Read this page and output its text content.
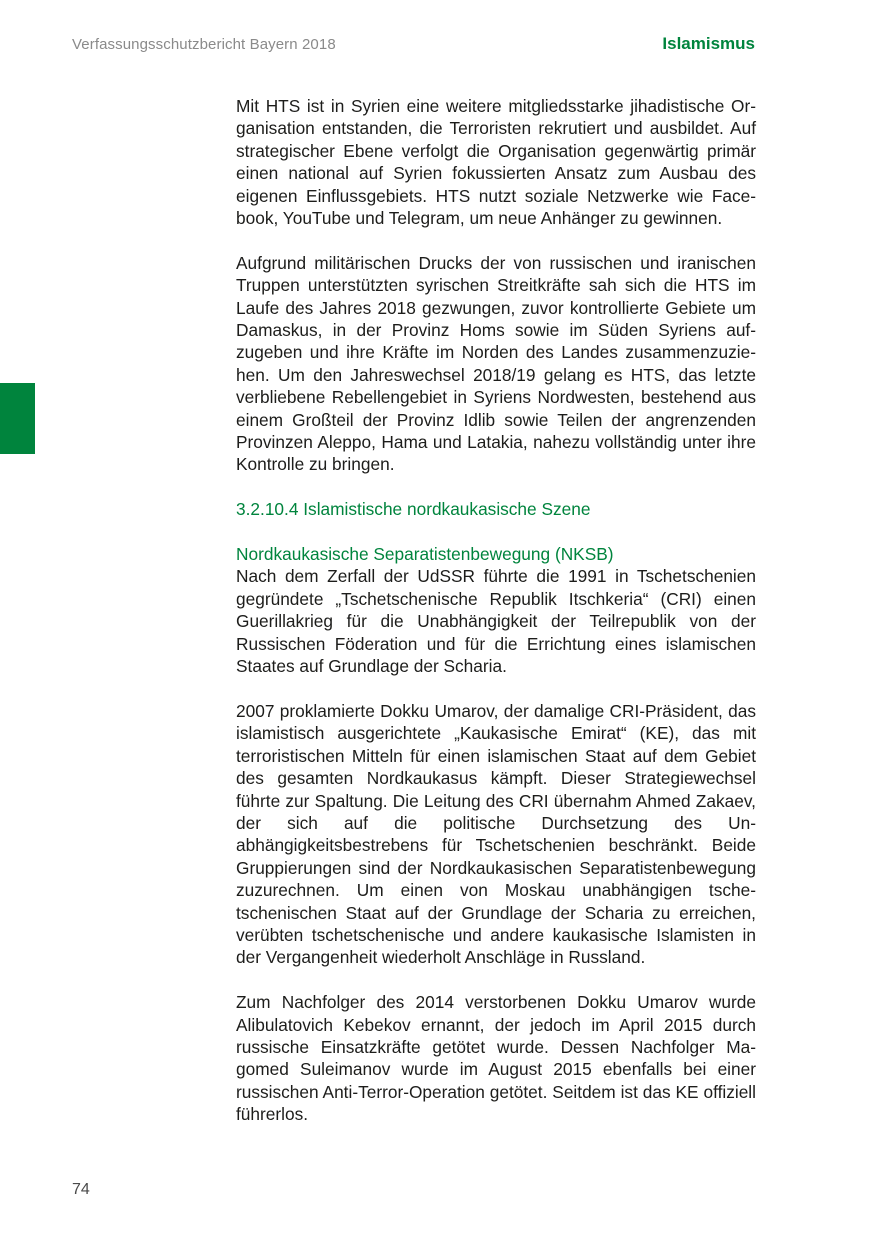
Verfassungsschutzbericht Bayern 2018	Islamismus

Mit HTS ist in Syrien eine weitere mitgliedsstarke jihadistische Organisation entstanden, die Terroristen rekrutiert und ausbildet. Auf strategischer Ebene verfolgt die Organisation gegenwärtig primär einen national auf Syrien fokussierten Ansatz zum Ausbau des eigenen Einflussgebiets. HTS nutzt soziale Netzwerke wie Facebook, YouTube und Telegram, um neue Anhänger zu gewinnen.

Aufgrund militärischen Drucks der von russischen und iranischen Truppen unterstützten syrischen Streitkräfte sah sich die HTS im Laufe des Jahres 2018 gezwungen, zuvor kontrollierte Gebiete um Damaskus, in der Provinz Homs sowie im Süden Syriens aufzugeben und ihre Kräfte im Norden des Landes zusammenzuziehen. Um den Jahreswechsel 2018/19 gelang es HTS, das letzte verbliebene Rebellengebiet in Syriens Nordwesten, bestehend aus einem Großteil der Provinz Idlib sowie Teilen der angrenzenden Provinzen Aleppo, Hama und Latakia, nahezu vollständig unter ihre Kontrolle zu bringen.

3.2.10.4 Islamistische nordkaukasische Szene
Nordkaukasische Separatistenbewegung (NKSB)

Nach dem Zerfall der UdSSR führte die 1991 in Tschetschenien gegründete „Tschetschenische Republik Itschkeria“ (CRI) einen Guerillakrieg für die Unabhängigkeit der Teilrepublik von der Russischen Föderation und für die Errichtung eines islamischen Staates auf Grundlage der Scharia.

2007 proklamierte Dokku Umarov, der damalige CRI-Präsident, das islamistisch ausgerichtete „Kaukasische Emirat“ (KE), das mit terroristischen Mitteln für einen islamischen Staat auf dem Gebiet des gesamten Nordkaukasus kämpft. Dieser Strategiewechsel führte zur Spaltung. Die Leitung des CRI übernahm Ahmed Zakaev, der sich auf die politische Durchsetzung des Unabhängigkeitsbestrebens für Tschetschenien beschränkt. Beide Gruppierungen sind der Nordkaukasischen Separatistenbewegung zuzurechnen. Um einen von Moskau unabhängigen tschetschenischen Staat auf der Grundlage der Scharia zu erreichen, verübten tschetschenische und andere kaukasische Islamisten in der Vergangenheit wiederholt Anschläge in Russland.

Zum Nachfolger des 2014 verstorbenen Dokku Umarov wurde Alibulatovich Kebekov ernannt, der jedoch im April 2015 durch russische Einsatzkräfte getötet wurde. Dessen Nachfolger Magomed Suleimanov wurde im August 2015 ebenfalls bei einer russischen Anti-Terror-Operation getötet. Seitdem ist das KE offiziell führerlos.

74
